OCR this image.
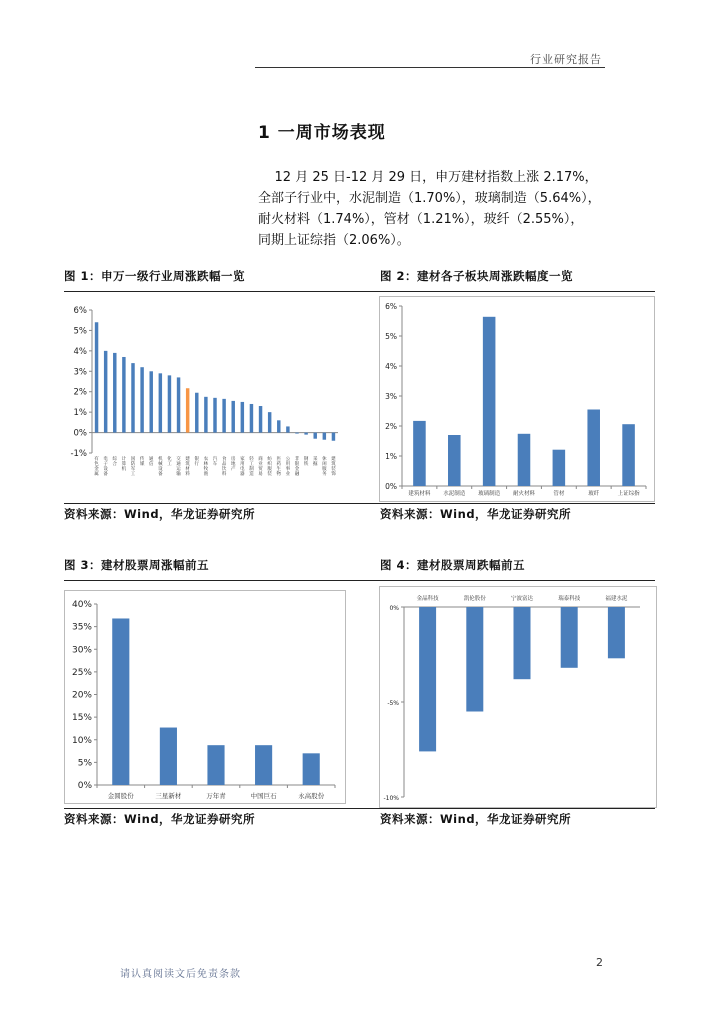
行业研究报告
1 一周市场表现

12 月 25 日-12 月 29 日，申万建材指数上涨 2.17%，

全部子行业中，水泥制造（1.70%），玻璃制造（5.64%），

耐火材料（1.74%），管材（1.21%），玻纤（2.55%），

同期上证综指（2.06%）。

图 1：申万一级行业周涨跌幅一览	图 2：建材各子板块周涨跌幅度一览
6%
5%
4%
3%
2%
1%
0%
-1%
有色金属
电子设备
综合
计算机
国防军工
传媒
通信
机械设备
化工
交通运输
建筑材料
银行
农林牧渔
汽车
食品饮料
房地产
家用电器
轻工制造
商业贸易
纺织服装
医药生物
公用事业
非银金融
钢铁
采掘
休闲服务
建筑装饰
6%
5%
4%
3%
2%
1%
0%
建筑材料 水泥制造 玻璃制造 耐火材料	管材	玻纤	上证综指
资料来源：Wind，华龙证券研究所	资料来源：Wind，华龙证券研究所
图 3：建材股票周涨幅前五	图 4：建材股票周跌幅前五
40%
35%
30%
25%
20%
15%
10%
5%
0%
金圆股份	三星新材	万年青	中国巨石	永高股份
0%
-5%
-10%
金晶科技	凯伦股份	宁波富达	瑞泰科技	福建水泥
资料来源：Wind，华龙证券研究所	资料来源：Wind，华龙证券研究所
2
请认真阅读文后免责条款
